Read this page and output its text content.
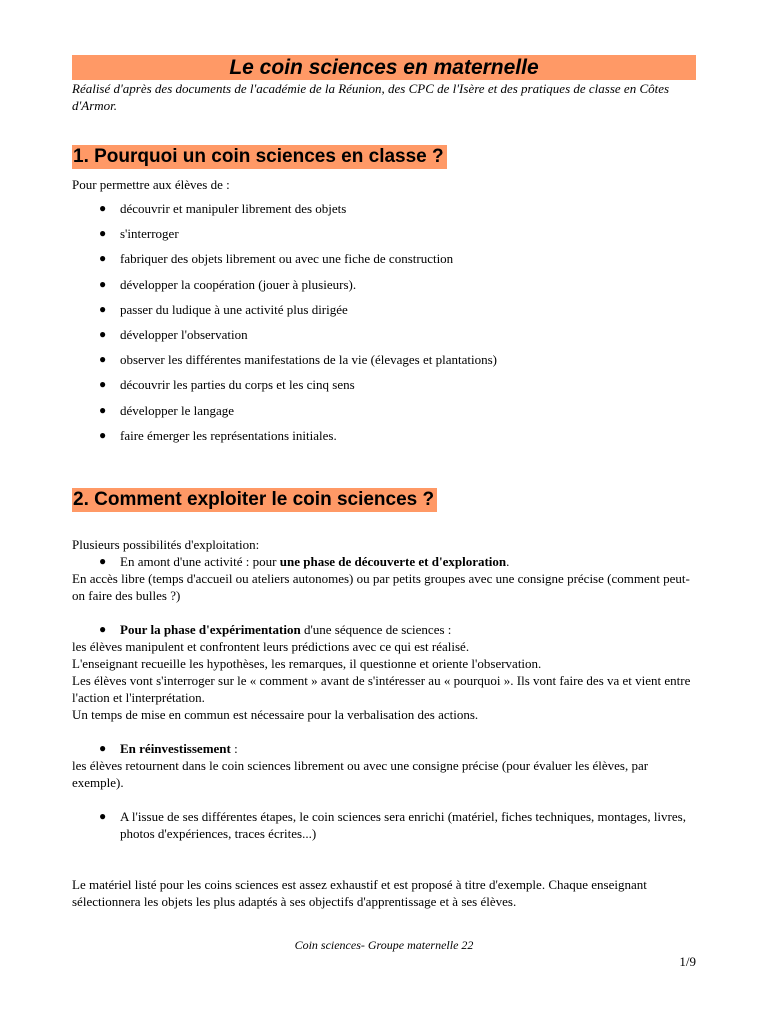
Le coin sciences en maternelle
Réalisé d'après des documents de l'académie de la Réunion, des CPC de l'Isère et des pratiques de classe en Côtes d'Armor.
1. Pourquoi un coin sciences en classe ?
Pour permettre aux élèves de :
● découvrir et manipuler librement des objets
● s'interroger
● fabriquer des objets librement ou avec une fiche de construction
● développer la coopération (jouer à plusieurs).
● passer du ludique à une activité plus dirigée
● développer l'observation
● observer les différentes manifestations de la vie (élevages et plantations)
● découvrir les parties du corps et les cinq sens
● développer le langage
● faire émerger les représentations initiales.
2. Comment exploiter le coin sciences ?
Plusieurs possibilités d'exploitation:
● En amont d'une activité : pour une phase de découverte et d'exploration.
En accès libre (temps d'accueil ou ateliers autonomes) ou par petits groupes avec une consigne précise (comment peut-on faire des bulles ?)
● Pour la phase d'expérimentation d'une séquence de sciences :
les élèves manipulent et confrontent leurs prédictions avec ce qui est réalisé.
L'enseignant recueille les hypothèses, les remarques, il questionne et oriente l'observation.
Les élèves vont s'interroger sur le « comment » avant de s'intéresser au « pourquoi ». Ils vont faire des va et vient entre l'action et l'interprétation.
Un temps de mise en commun est nécessaire pour la verbalisation des actions.
● En réinvestissement :
les élèves retournent dans le coin sciences librement ou avec une consigne précise (pour évaluer les élèves, par exemple).
● A l'issue de ses différentes étapes, le coin sciences sera enrichi (matériel, fiches techniques, montages, livres, photos d'expériences, traces écrites...)
Le matériel listé pour les coins sciences est assez exhaustif et est proposé à titre d'exemple. Chaque enseignant sélectionnera les objets les plus adaptés à ses objectifs d'apprentissage et à ses élèves.
Coin sciences- Groupe maternelle 22
1/9
